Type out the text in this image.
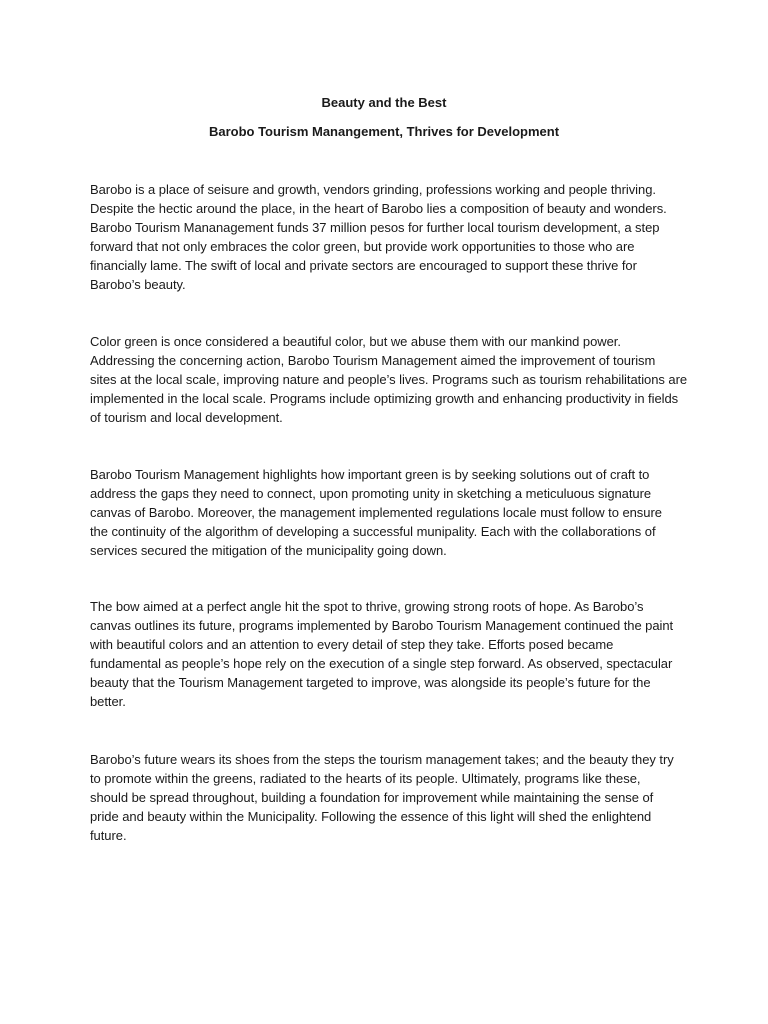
Beauty and the Best
Barobo Tourism Manangement, Thrives for Development

Barobo is a place of seisure and growth, vendors grinding, professions working and people thriving.
Despite the hectic around the place, in the heart of Barobo lies a composition of beauty and wonders.
Barobo Tourism Mananagement funds 37 million pesos for further local tourism development, a step
forward that not only embraces the color green, but provide work opportunities to those who are
financially lame. The swift of local and private sectors are encouraged to support these thrive for
Barobo’s beauty.

Color green is once considered a beautiful color, but we abuse them with our mankind power.
Addressing the concerning action, Barobo Tourism Management aimed the improvement of tourism
sites at the local scale, improving nature and people’s lives. Programs such as tourism rehabilitations are
implemented in the local scale. Programs include optimizing growth and enhancing productivity in fields
of tourism and local development.

Barobo Tourism Management highlights how important green is by seeking solutions out of craft to
address the gaps they need to connect, upon promoting unity in sketching a meticuluous signature
canvas of Barobo. Moreover, the management implemented regulations locale must follow to ensure
the continuity of the algorithm of developing a successful munipality. Each with the collaborations of
services secured the mitigation of the municipality going down.

The bow aimed at a perfect angle hit the spot to thrive, growing strong roots of hope. As Barobo’s
canvas outlines its future, programs implemented by Barobo Tourism Management continued the paint
with beautiful colors and an attention to every detail of step they take. Efforts posed became
fundamental as people’s hope rely on the execution of a single step forward. As observed, spectacular
beauty that the Tourism Management targeted to improve, was alongside its people’s future for the
better.

Barobo’s future wears its shoes from the steps the tourism management takes; and the beauty they try
to promote within the greens, radiated to the hearts of its people. Ultimately, programs like these,
should be spread throughout, building a foundation for improvement while maintaining the sense of
pride and beauty within the Municipality. Following the essence of this light will shed the enlightend
future.
